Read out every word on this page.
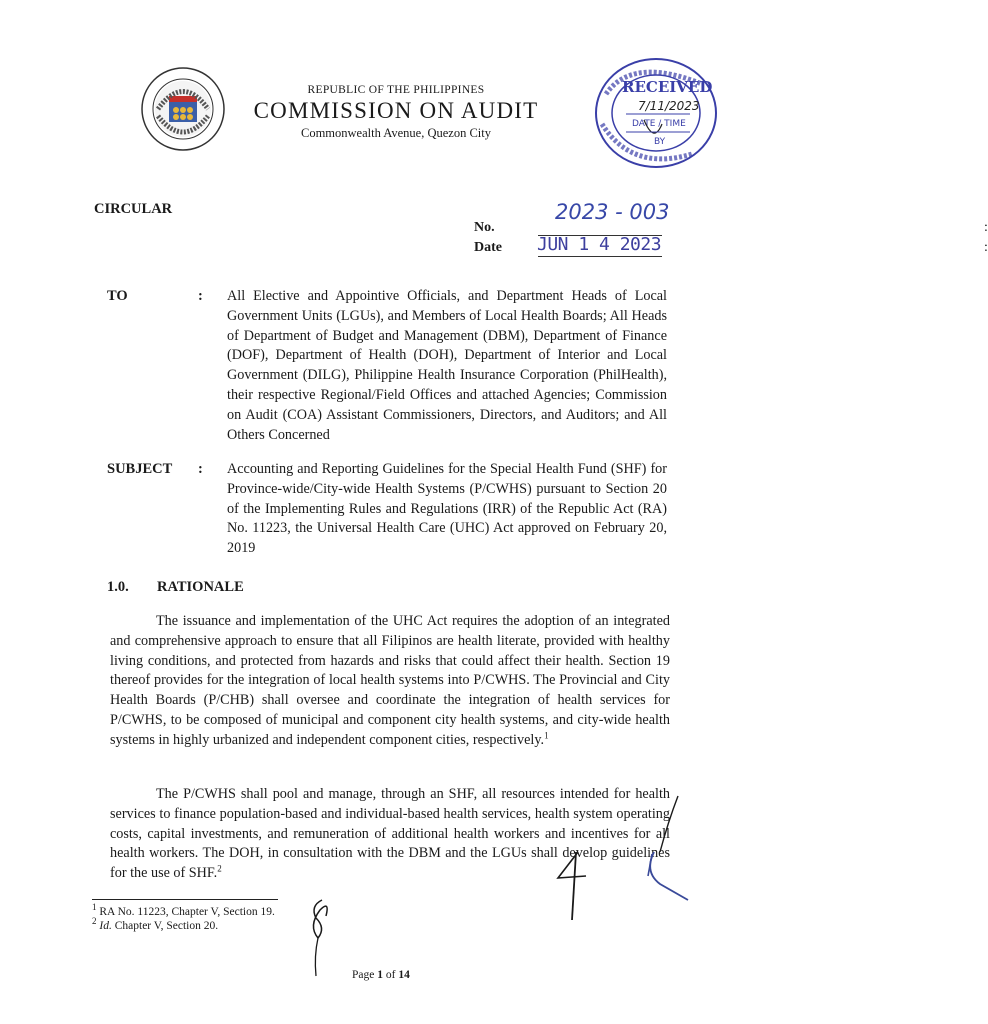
REPUBLIC OF THE PHILIPPINES
COMMISSION ON AUDIT
Commonwealth Avenue, Quezon City
RECEIVED
7/11/2023
DATE / TIME
BY
CIRCULAR
No.	:
2023 - 003
Date	:
JUN 1 4 2023
TO	: All Elective and Appointive Officials, and Department Heads of Local Government Units (LGUs), and Members of Local Health Boards; All Heads of Department of Budget and Management (DBM), Department of Finance (DOF), Department of Health (DOH), Department of Interior and Local Government (DILG), Philippine Health Insurance Corporation (PhilHealth), their respective Regional/Field Offices and attached Agencies; Commission on Audit (COA) Assistant Commissioners, Directors, and Auditors; and All Others Concerned
SUBJECT : Accounting and Reporting Guidelines for the Special Health Fund (SHF) for Province-wide/City-wide Health Systems (P/CWHS) pursuant to Section 20 of the Implementing Rules and Regulations (IRR) of the Republic Act (RA) No. 11223, the Universal Health Care (UHC) Act approved on February 20, 2019
1.0. RATIONALE
The issuance and implementation of the UHC Act requires the adoption of an integrated and comprehensive approach to ensure that all Filipinos are health literate, provided with healthy living conditions, and protected from hazards and risks that could affect their health. Section 19 thereof provides for the integration of local health systems into P/CWHS. The Provincial and City Health Boards (P/CHB) shall oversee and coordinate the integration of health services for P/CWHS, to be composed of municipal and component city health systems, and city-wide health systems in highly urbanized and independent component cities, respectively.$^1$
The P/CWHS shall pool and manage, through an SHF, all resources intended for health services to finance population-based and individual-based health services, health system operating costs, capital investments, and remuneration of additional health workers and incentives for all health workers. The DOH, in consultation with the DBM and the LGUs shall develop guidelines for the use of SHF.$^2$
$^1$ RA No. 11223, Chapter V, Section 19.
$^2$ Id. Chapter V, Section 20.
Page 1 of 14
